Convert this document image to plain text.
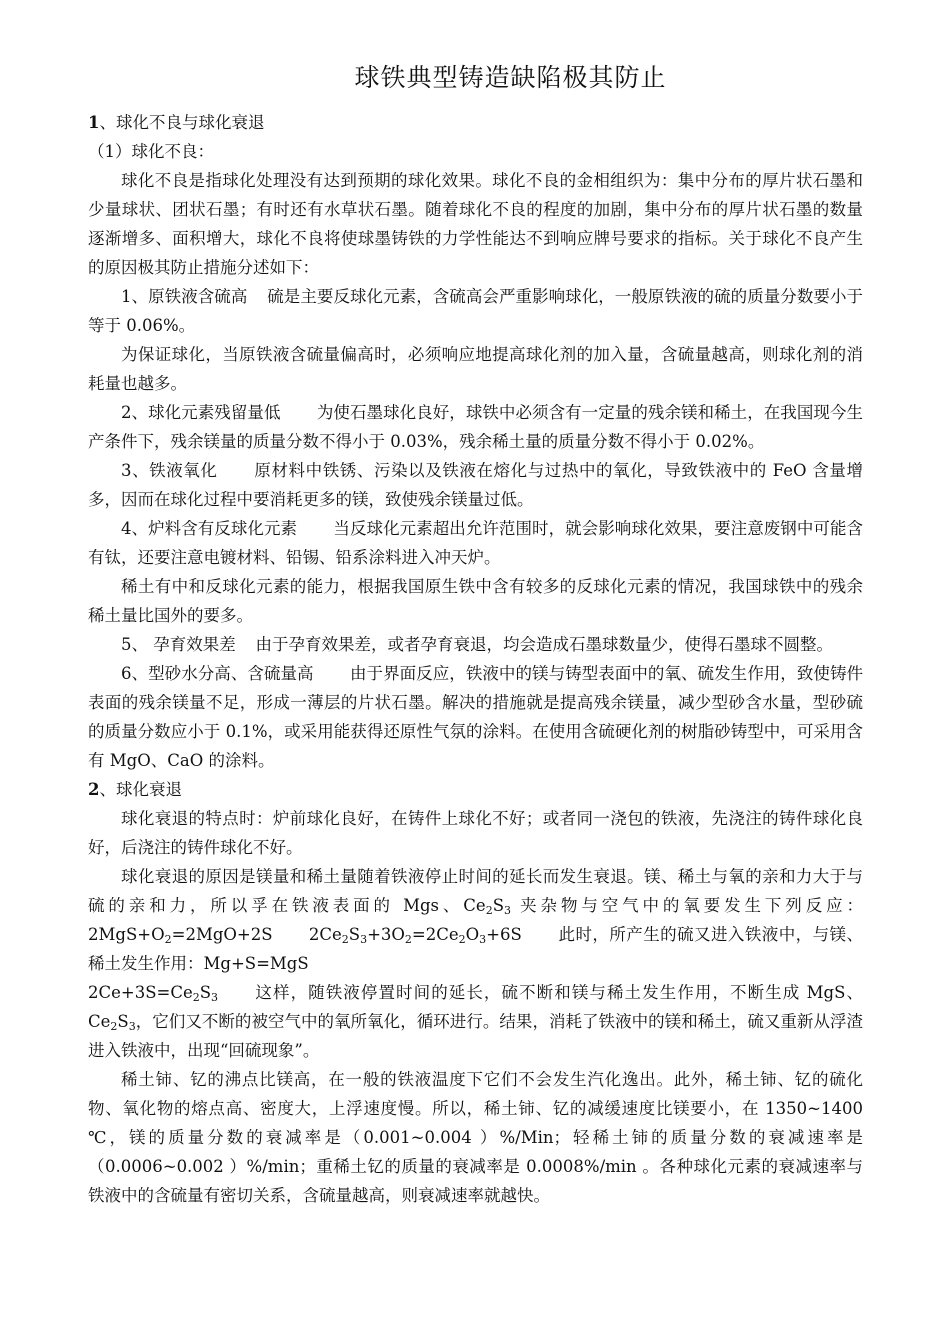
球铁典型铸造缺陷极其防止

1、球化不良与球化衰退

（1）球化不良：

球化不良是指球化处理没有达到预期的球化效果。球化不良的金相组织为：集中分布的厚片状石墨和少量球状、团状石墨；有时还有水草状石墨。随着球化不良的程度的加剧，集中分布的厚片状石墨的数量逐渐增多、面积增大，球化不良将使球墨铸铁的力学性能达不到响应牌号要求的指标。关于球化不良产生的原因极其防止措施分述如下：

1、原铁液含硫高 硫是主要反球化元素，含硫高会严重影响球化，一般原铁液的硫的质量分数要小于等于 0.06%。

为保证球化，当原铁液含硫量偏高时，必须响应地提高球化剂的加入量，含硫量越高，则球化剂的消耗量也越多。

2、球化元素残留量低 为使石墨球化良好，球铁中必须含有一定量的残余镁和稀土，在我国现今生产条件下，残余镁量的质量分数不得小于 0.03%，残余稀土量的质量分数不得小于 0.02%。

3、铁液氧化 原材料中铁锈、污染以及铁液在熔化与过热中的氧化，导致铁液中的 FeO 含量增多，因而在球化过程中要消耗更多的镁，致使残余镁量过低。

4、炉料含有反球化元素 当反球化元素超出允许范围时，就会影响球化效果，要注意废钢中可能含有钛，还要注意电镀材料、铅锡、铅系涂料进入冲天炉。

稀土有中和反球化元素的能力，根据我国原生铁中含有较多的反球化元素的情况，我国球铁中的残余稀土量比国外的要多。

5、 孕育效果差 由于孕育效果差，或者孕育衰退，均会造成石墨球数量少，使得石墨球不圆整。

6、型砂水分高、含硫量高 由于界面反应，铁液中的镁与铸型表面中的氧、硫发生作用，致使铸件表面的残余镁量不足，形成一薄层的片状石墨。解决的措施就是提高残余镁量，减少型砂含水量，型砂硫的质量分数应小于 0.1%，或采用能获得还原性气氛的涂料。在使用含硫硬化剂的树脂砂铸型中，可采用含有 MgO、CaO 的涂料。

2、球化衰退

球化衰退的特点时：炉前球化良好，在铸件上球化不好；或者同一浇包的铁液，先浇注的铸件球化良好，后浇注的铸件球化不好。

球化衰退的原因是镁量和稀土量随着铁液停止时间的延长而发生衰退。镁、稀土与氧的亲和力大于与硫的亲和力，所以孚在铁液表面的 Mgs、$Ce_2S_3$ 夹杂物与空气中的氧要发生下列反应：$2MgS+O_2=2MgO+2S$ $2Ce_2S_3+3O_2=2Ce_2O_3+6S$ 此时，所产生的硫又进入铁液中，与镁、稀土发生作用：Mg+S=MgS

$2Ce+3S=Ce_2S_3$ 这样，随铁液停置时间的延长，硫不断和镁与稀土发生作用，不断生成 MgS、$Ce_2S_3$，它们又不断的被空气中的氧所氧化，循环进行。结果，消耗了铁液中的镁和稀土，硫又重新从浮渣进入铁液中，出现“回硫现象”。

稀土铈、钇的沸点比镁高，在一般的铁液温度下它们不会发生汽化逸出。此外，稀土铈、钇的硫化物、氧化物的熔点高、密度大，上浮速度慢。所以，稀土铈、钇的减缓速度比镁要小，在 1350~1400 ℃，镁的质量分数的衰减率是（0.001~0.004 ）%/Min；轻稀土铈的质量分数的衰减速率是（0.0006~0.002 ）%/min；重稀土钇的质量的衰减率是 0.0008%/min 。各种球化元素的衰减速率与铁液中的含硫量有密切关系，含硫量越高，则衰减速率就越快。
